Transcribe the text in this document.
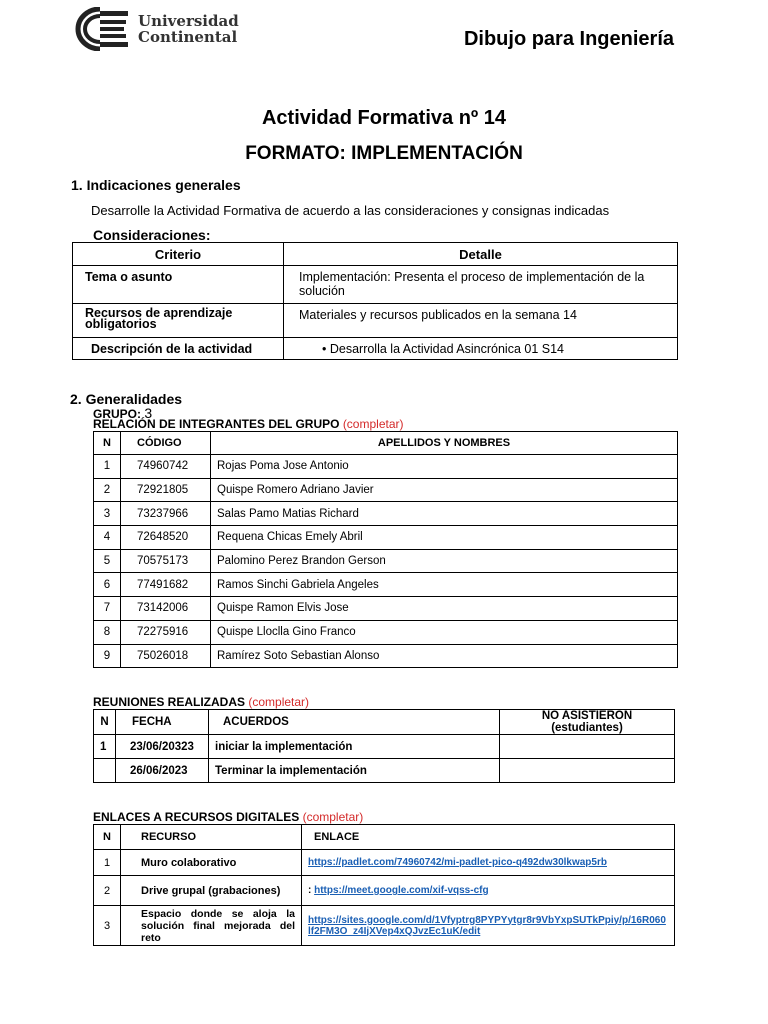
Universidad
Continental	Dibujo para Ingeniería
Actividad Formativa nº 14
FORMATO: IMPLEMENTACIÓN
1. Indicaciones generales
Desarrolle la Actividad Formativa de acuerdo a las consideraciones y consignas indicadas
Consideraciones:
Criterio	Detalle
Tema o asunto	Implementación: Presenta el proceso de implementación de la solución
Recursos de aprendizaje obligatorios	Materiales y recursos publicados en la semana 14
Descripción de la actividad	• Desarrolla la Actividad Asincrónica 01 S14
2. Generalidades
GRUPO: 3
RELACIÓN DE INTEGRANTES DEL GRUPO (completar)
N	CÓDIGO	APELLIDOS Y NOMBRES
1	74960742	Rojas Poma Jose Antonio
2	72921805	Quispe Romero Adriano Javier
3	73237966	Salas Pamo Matias Richard
4	72648520	Requena Chicas Emely Abril
5	70575173	Palomino Perez Brandon Gerson
6	77491682	Ramos Sinchi Gabriela Angeles
7	73142006	Quispe Ramon Elvis Jose
8	72275916	Quispe Lloclla Gino Franco
9	75026018	Ramírez Soto Sebastian Alonso
REUNIONES REALIZADAS (completar)
N	FECHA	ACUERDOS	NO ASISTIERON (estudiantes)
1	23/06/20323	iniciar la implementación	
	26/06/2023	Terminar la implementación	
ENLACES A RECURSOS DIGITALES (completar)
N	RECURSO	ENLACE
1	Muro colaborativo	https://padlet.com/74960742/mi-padlet-pico-q492dw30lkwap5rb
2	Drive grupal (grabaciones)	: https://meet.google.com/xif-vqss-cfg
3	Espacio donde se aloja la solución final mejorada del reto	https://sites.google.com/d/1Vfyptrg8PYPYytgr8r9VbYxpSUTkPpiy/p/16R060lf2FM3O_z4IjXVep4xQJvzEc1uK/edit
